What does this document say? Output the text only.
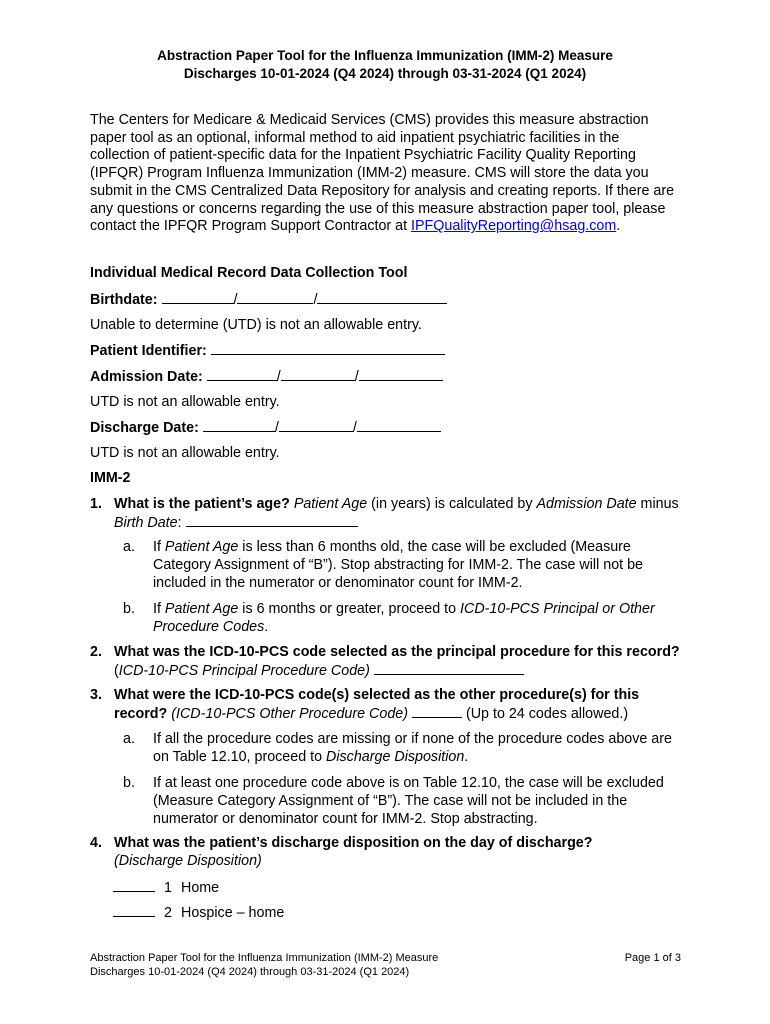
Abstraction Paper Tool for the Influenza Immunization (IMM-2) Measure
Discharges 10-01-2024 (Q4 2024) through 03-31-2024 (Q1 2024)
The Centers for Medicare & Medicaid Services (CMS) provides this measure abstraction paper tool as an optional, informal method to aid inpatient psychiatric facilities in the collection of patient-specific data for the Inpatient Psychiatric Facility Quality Reporting (IPFQR) Program Influenza Immunization (IMM-2) measure. CMS will store the data you submit in the CMS Centralized Data Repository for analysis and creating reports. If there are any questions or concerns regarding the use of this measure abstraction paper tool, please contact the IPFQR Program Support Contractor at IPFQualityReporting@hsag.com.
Individual Medical Record Data Collection Tool
Birthdate:	/	/
Unable to determine (UTD) is not an allowable entry.
Patient Identifier:
Admission Date:	/	/
UTD is not an allowable entry.
Discharge Date:	/	/
UTD is not an allowable entry.
IMM-2
1. What is the patient’s age? Patient Age (in years) is calculated by Admission Date minus Birth Date:
a. If Patient Age is less than 6 months old, the case will be excluded (Measure Category Assignment of “B”). Stop abstracting for IMM-2. The case will not be included in the numerator or denominator count for IMM-2.
b. If Patient Age is 6 months or greater, proceed to ICD-10-PCS Principal or Other Procedure Codes.
2. What was the ICD-10-PCS code selected as the principal procedure for this record? (ICD-10-PCS Principal Procedure Code)
3. What were the ICD-10-PCS code(s) selected as the other procedure(s) for this record? (ICD-10-PCS Other Procedure Code)	(Up to 24 codes allowed.)
a. If all the procedure codes are missing or if none of the procedure codes above are on Table 12.10, proceed to Discharge Disposition.
b. If at least one procedure code above is on Table 12.10, the case will be excluded (Measure Category Assignment of “B”). The case will not be included in the numerator or denominator count for IMM-2. Stop abstracting.
4. What was the patient’s discharge disposition on the day of discharge?
(Discharge Disposition)
1 Home
2 Hospice – home
Abstraction Paper Tool for the Influenza Immunization (IMM-2) Measure
Discharges 10-01-2024 (Q4 2024) through 03-31-2024 (Q1 2024)
Page 1 of 3
